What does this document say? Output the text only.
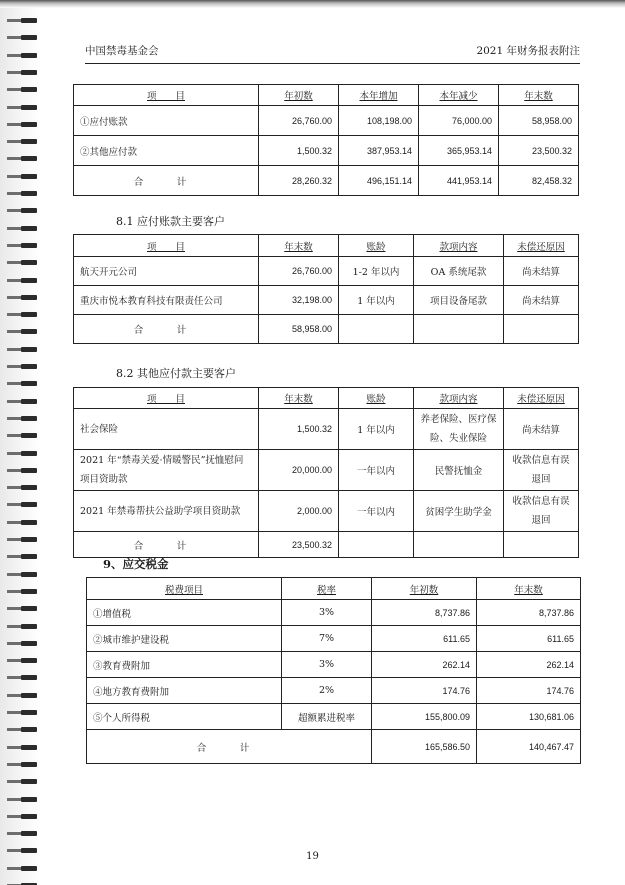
中国禁毒基金会	2021 年财务报表附注
项　　目	年初数	本年增加	本年减少	年末数
①应付账款	26,760.00	108,198.00	76,000.00	58,958.00
②其他应付款	1,500.32	387,953.14	365,953.14	23,500.32
合　计	28,260.32	496,151.14	441,953.14	82,458.32
8.1 应付账款主要客户
项　　目	年末数	账龄	款项内容	未偿还原因
航天开元公司	26,760.00	1-2 年以内	OA 系统尾款	尚未结算
重庆市悦本教育科技有限责任公司	32,198.00	1 年以内	项目设备尾款	尚未结算
合　计	58,958.00			
8.2 其他应付款主要客户
项　　目	年末数	账龄	款项内容	未偿还原因
社会保险	1,500.32	1 年以内	养老保险、医疗保险、失业保险	尚未结算
2021 年“禁毒关爱·情暖警民”抚恤慰问项目资助款	20,000.00	一年以内	民警抚恤金	收款信息有误退回
2021 年禁毒帮扶公益助学项目资助款	2,000.00	一年以内	贫困学生助学金	收款信息有误退回
合　计	23,500.32			
9、应交税金
税费项目	税率	年初数	年末数
①增值税	3%	8,737.86	8,737.86
②城市维护建设税	7%	611.65	611.65
③教育费附加	3%	262.14	262.14
④地方教育费附加	2%	174.76	174.76
⑤个人所得税	超额累进税率	155,800.09	130,681.06
合　计		165,586.50	140,467.47
19
